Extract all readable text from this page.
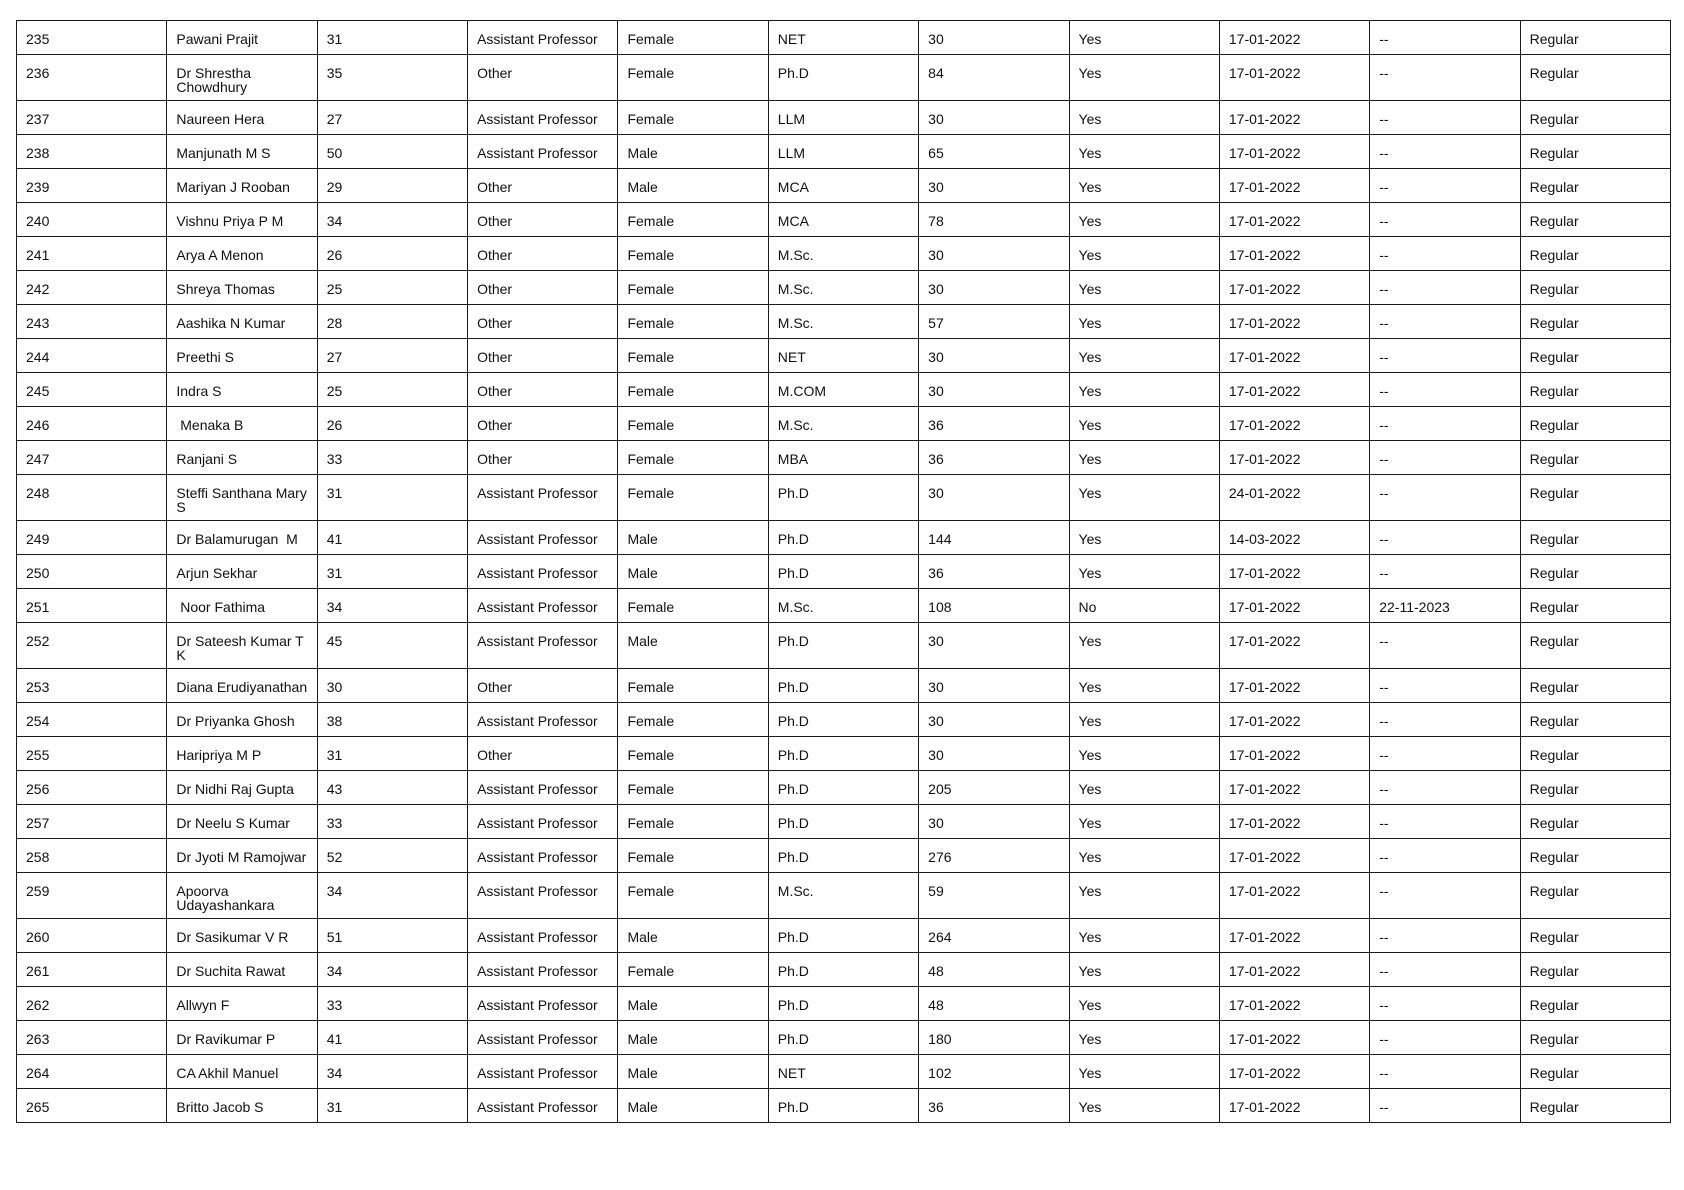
235	Pawani Prajit	31	Assistant Professor	Female	NET	30	Yes	17-01-2022	--	Regular

236	Dr Shrestha Chowdhury	35	Other	Female	Ph.D	84	Yes	17-01-2022	--	Regular

237	Naureen Hera	27	Assistant Professor	Female	LLM	30	Yes	17-01-2022	--	Regular

238	Manjunath M S	50	Assistant Professor	Male	LLM	65	Yes	17-01-2022	--	Regular

239	Mariyan J Rooban	29	Other	Male	MCA	30	Yes	17-01-2022	--	Regular

240	Vishnu Priya P M	34	Other	Female	MCA	78	Yes	17-01-2022	--	Regular

241	Arya A Menon	26	Other	Female	M.Sc.	30	Yes	17-01-2022	--	Regular

242	Shreya Thomas	25	Other	Female	M.Sc.	30	Yes	17-01-2022	--	Regular

243	Aashika N Kumar	28	Other	Female	M.Sc.	57	Yes	17-01-2022	--	Regular

244	Preethi S	27	Other	Female	NET	30	Yes	17-01-2022	--	Regular

245	Indra S	25	Other	Female	M.COM	30	Yes	17-01-2022	--	Regular

246	Menaka B	26	Other	Female	M.Sc.	36	Yes	17-01-2022	--	Regular

247	Ranjani S	33	Other	Female	MBA	36	Yes	17-01-2022	--	Regular

248	Steffi Santhana Mary S	31	Assistant Professor	Female	Ph.D	30	Yes	24-01-2022	--	Regular

249	Dr Balamurugan  M	41	Assistant Professor	Male	Ph.D	144	Yes	14-03-2022	--	Regular

250	Arjun Sekhar	31	Assistant Professor	Male	Ph.D	36	Yes	17-01-2022	--	Regular

251	Noor Fathima	34	Assistant Professor	Female	M.Sc.	108	No	17-01-2022	22-11-2023	Regular

252	Dr Sateesh Kumar T K	45	Assistant Professor	Male	Ph.D	30	Yes	17-01-2022	--	Regular

253	Diana Erudiyanathan	30	Other	Female	Ph.D	30	Yes	17-01-2022	--	Regular

254	Dr Priyanka Ghosh	38	Assistant Professor	Female	Ph.D	30	Yes	17-01-2022	--	Regular

255	Haripriya M P	31	Other	Female	Ph.D	30	Yes	17-01-2022	--	Regular

256	Dr Nidhi Raj Gupta	43	Assistant Professor	Female	Ph.D	205	Yes	17-01-2022	--	Regular

257	Dr Neelu S Kumar	33	Assistant Professor	Female	Ph.D	30	Yes	17-01-2022	--	Regular

258	Dr Jyoti M Ramojwar	52	Assistant Professor	Female	Ph.D	276	Yes	17-01-2022	--	Regular

259	Apoorva Udayashankara	34	Assistant Professor	Female	M.Sc.	59	Yes	17-01-2022	--	Regular

260	Dr Sasikumar V R	51	Assistant Professor	Male	Ph.D	264	Yes	17-01-2022	--	Regular

261	Dr Suchita Rawat	34	Assistant Professor	Female	Ph.D	48	Yes	17-01-2022	--	Regular

262	Allwyn F	33	Assistant Professor	Male	Ph.D	48	Yes	17-01-2022	--	Regular

263	Dr Ravikumar P	41	Assistant Professor	Male	Ph.D	180	Yes	17-01-2022	--	Regular

264	CA Akhil Manuel	34	Assistant Professor	Male	NET	102	Yes	17-01-2022	--	Regular

265	Britto Jacob S	31	Assistant Professor	Male	Ph.D	36	Yes	17-01-2022	--	Regular
